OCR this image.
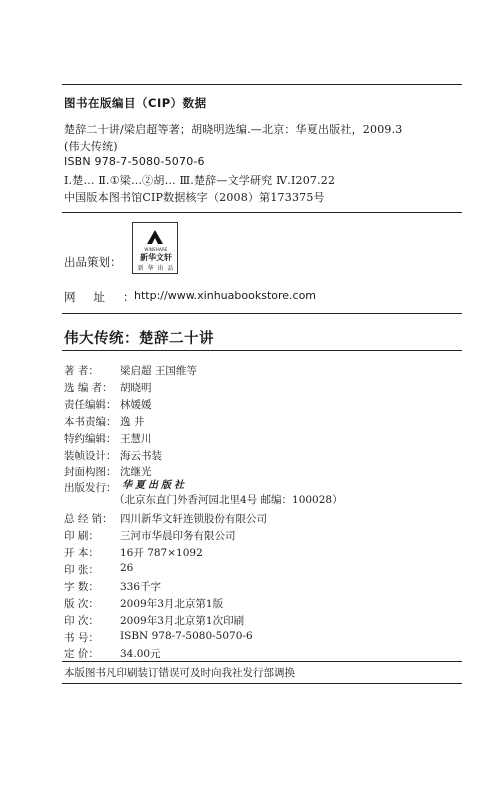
图书在版编目（CIP）数据
楚辞二十讲/梁启超等著；胡晓明选编.—北京：华夏出版社，2009.3
(伟大传统)
ISBN 978-7-5080-5070-6
Ⅰ.楚… Ⅱ.①梁…②胡… Ⅲ.楚辞—文学研究 Ⅳ.I207.22
中国版本图书馆CIP数据核字（2008）第173375号
出品策划：
WINSHARE
新华文轩
新 华 出 品
网址：
http://www.xinhuabookstore.com
伟大传统：楚辞二十讲
著 者： 梁启超 王国维等
选 编 者： 胡晓明
责任编辑： 林媛媛
本书责编： 逸 井
特约编辑： 王慧川
装帧设计： 海云书装
封面构图： 沈继光
出版发行： 华夏出版社
（北京东直门外香河园北里4号 邮编：100028）
总 经 销： 四川新华文轩连锁股份有限公司
印 刷： 三河市华晨印务有限公司
开 本： 16开 787×1092
印 张： 26
字 数： 336千字
版 次： 2009年3月北京第1版
印 次： 2009年3月北京第1次印刷
书 号： ISBN 978-7-5080-5070-6
定 价： 34.00元
本版图书凡印刷装订错误可及时向我社发行部调换
